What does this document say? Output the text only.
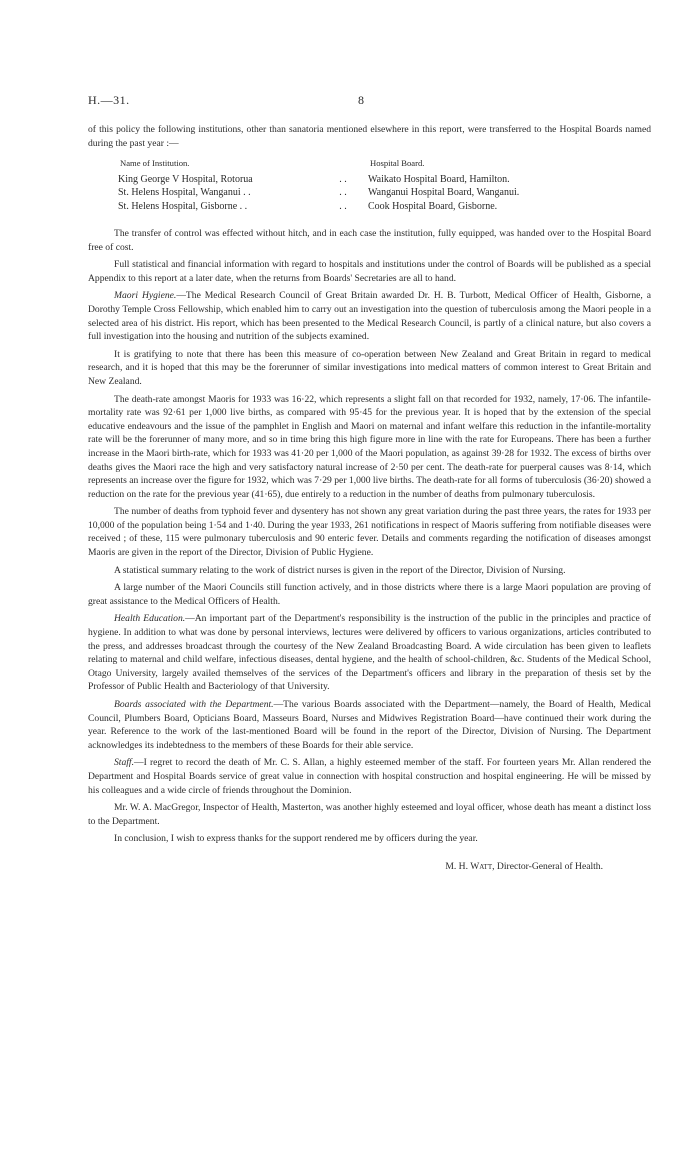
H.—31.	8

of this policy the following institutions, other than sanatoria mentioned elsewhere in this report, were transferred to the Hospital Boards named during the past year :—

Name of Institution.	Hospital Board.
King George V Hospital, Rotorua	. .	Waikato Hospital Board, Hamilton.
St. Helens Hospital, Wanganui . .	. .	Wanganui Hospital Board, Wanganui.
St. Helens Hospital, Gisborne . .	. .	Cook Hospital Board, Gisborne.

The transfer of control was effected without hitch, and in each case the institution, fully equipped, was handed over to the Hospital Board free of cost.

Full statistical and financial information with regard to hospitals and institutions under the control of Boards will be published as a special Appendix to this report at a later date, when the returns from Boards' Secretaries are all to hand.

Maori Hygiene.—The Medical Research Council of Great Britain awarded Dr. H. B. Turbott, Medical Officer of Health, Gisborne, a Dorothy Temple Cross Fellowship, which enabled him to carry out an investigation into the question of tuberculosis among the Maori people in a selected area of his district. His report, which has been presented to the Medical Research Council, is partly of a clinical nature, but also covers a full investigation into the housing and nutrition of the subjects examined.

It is gratifying to note that there has been this measure of co-operation between New Zealand and Great Britain in regard to medical research, and it is hoped that this may be the forerunner of similar investigations into medical matters of common interest to Great Britain and New Zealand.

The death-rate amongst Maoris for 1933 was 16·22, which represents a slight fall on that recorded for 1932, namely, 17·06. The infantile-mortality rate was 92·61 per 1,000 live births, as compared with 95·45 for the previous year. It is hoped that by the extension of the special educative endeavours and the issue of the pamphlet in English and Maori on maternal and infant welfare this reduction in the infantile-mortality rate will be the forerunner of many more, and so in time bring this high figure more in line with the rate for Europeans. There has been a further increase in the Maori birth-rate, which for 1933 was 41·20 per 1,000 of the Maori population, as against 39·28 for 1932. The excess of births over deaths gives the Maori race the high and very satisfactory natural increase of 2·50 per cent. The death-rate for puerperal causes was 8·14, which represents an increase over the figure for 1932, which was 7·29 per 1,000 live births. The death-rate for all forms of tuberculosis (36·20) showed a reduction on the rate for the previous year (41·65), due entirely to a reduction in the number of deaths from pulmonary tuberculosis.

The number of deaths from typhoid fever and dysentery has not shown any great variation during the past three years, the rates for 1933 per 10,000 of the population being 1·54 and 1·40. During the year 1933, 261 notifications in respect of Maoris suffering from notifiable diseases were received ; of these, 115 were pulmonary tuberculosis and 90 enteric fever. Details and comments regarding the notification of diseases amongst Maoris are given in the report of the Director, Division of Public Hygiene.

A statistical summary relating to the work of district nurses is given in the report of the Director, Division of Nursing.

A large number of the Maori Councils still function actively, and in those districts where there is a large Maori population are proving of great assistance to the Medical Officers of Health.

Health Education.—An important part of the Department's responsibility is the instruction of the public in the principles and practice of hygiene. In addition to what was done by personal interviews, lectures were delivered by officers to various organizations, articles contributed to the press, and addresses broadcast through the courtesy of the New Zealand Broadcasting Board. A wide circulation has been given to leaflets relating to maternal and child welfare, infectious diseases, dental hygiene, and the health of school-children, &c. Students of the Medical School, Otago University, largely availed themselves of the services of the Department's officers and library in the preparation of thesis set by the Professor of Public Health and Bacteriology of that University.

Boards associated with the Department.—The various Boards associated with the Department—namely, the Board of Health, Medical Council, Plumbers Board, Opticians Board, Masseurs Board, Nurses and Midwives Registration Board—have continued their work during the year. Reference to the work of the last-mentioned Board will be found in the report of the Director, Division of Nursing. The Department acknowledges its indebtedness to the members of these Boards for their able service.

Staff.—I regret to record the death of Mr. C. S. Allan, a highly esteemed member of the staff. For fourteen years Mr. Allan rendered the Department and Hospital Boards service of great value in connection with hospital construction and hospital engineering. He will be missed by his colleagues and a wide circle of friends throughout the Dominion.

Mr. W. A. MacGregor, Inspector of Health, Masterton, was another highly esteemed and loyal officer, whose death has meant a distinct loss to the Department.

In conclusion, I wish to express thanks for the support rendered me by officers during the year.

M. H. Watt, Director-General of Health.
